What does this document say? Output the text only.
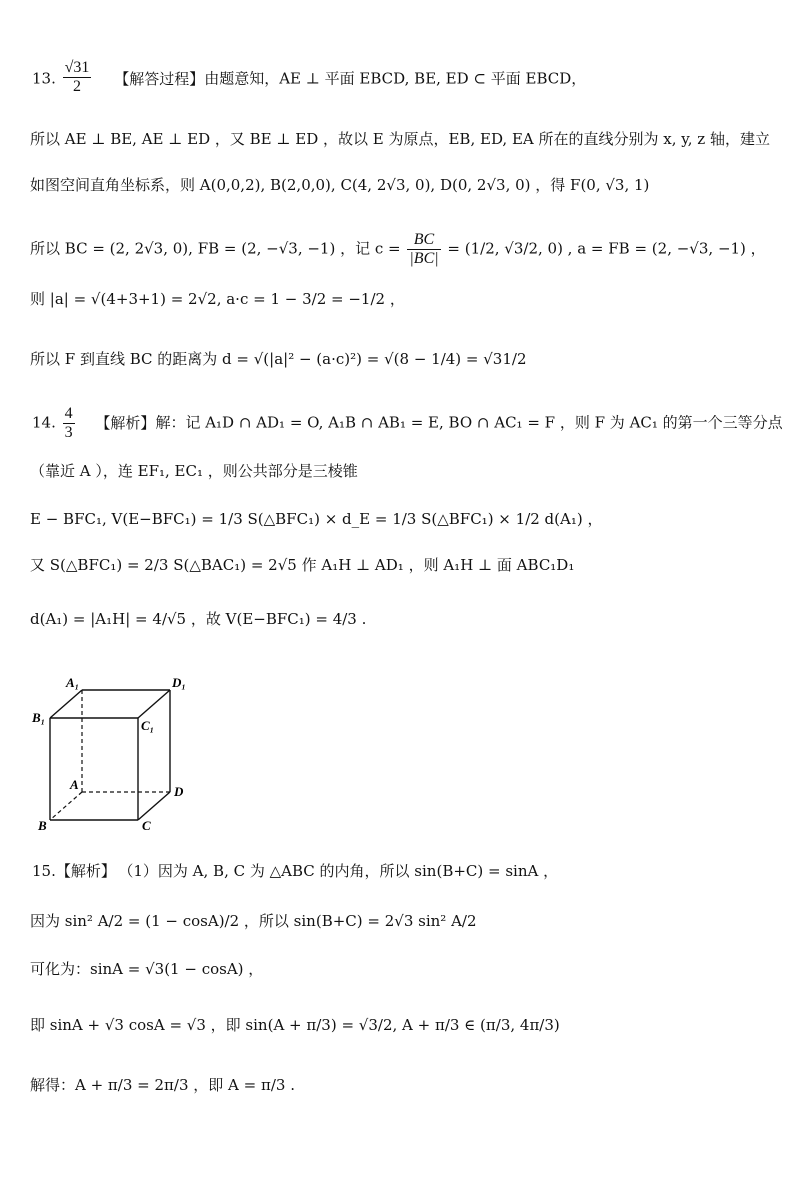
13. $\frac{√31}{2}$ 【解答过程】由题意知，AE ⊥ 平面 EBCD, BE, ED ⊂ 平面 EBCD，
所以 AE ⊥ BE, AE ⊥ ED ，又 BE ⊥ ED ，故以 E 为原点，EB, ED, EA 所在的直线分别为 x, y, z 轴，建立
如图空间直角坐标系，则 A(0,0,2), B(2,0,0), C(4, 2√3, 0), D(0, 2√3, 0) ，得 F(0, √3, 1)
所以 BC = (2, 2√3, 0), FB = (2, −√3, −1) ，记 $c = \frac{BC}{|BC|} = (1/2$, √3/2, 0) , a = FB = (2, −√3, −1) ，
则 |a| = √(4+3+1) = 2√2, a·c = 1 − 3/2 = −1/2 ，
所以 F 到直线 BC 的距离为 d = √(|a|² − (a·c)²) = √(8 − 1/4) = √31/2
14. $\frac{4}{3}$ 【解析】解：记 A₁D ∩ AD₁ = O, A₁B ∩ AB₁ = E, BO ∩ AC₁ = F ，则 F 为 AC₁ 的第一个三等分点
（靠近 A ），连 EF₁, EC₁ ，则公共部分是三棱锥
E − BFC₁, V(E−BFC₁) = 1/3 S(△BFC₁) × d_E = 1/3 S(△BFC₁) × 1/2 d(A₁) ，
又 S(△BFC₁) = 2/3 S(△BAC₁) = 2√5 作 A₁H ⊥ AD₁ ，则 A₁H ⊥ 面 ABC₁D₁
d(A₁) = |A₁H| = 4/√5 ，故 V(E−BFC₁) = 4/3 .
A₁	D₁
B₁
C₁
A	D
B	C
15.【解析】 （1）因为 A, B, C 为 △ABC 的内角，所以 sin(B+C) = sinA ，
因为 sin² A/2 = (1 − cosA)/2 ，所以 sin(B+C) = 2√3 sin² A/2
可化为：sinA = √3(1 − cosA) ，
即 sinA + √3 cosA = √3 ，即 sin(A + π/3) = √3/2, A + π/3 ∈ (π/3, 4π/3)
解得：A + π/3 = 2π/3 ，即 A = π/3 .
